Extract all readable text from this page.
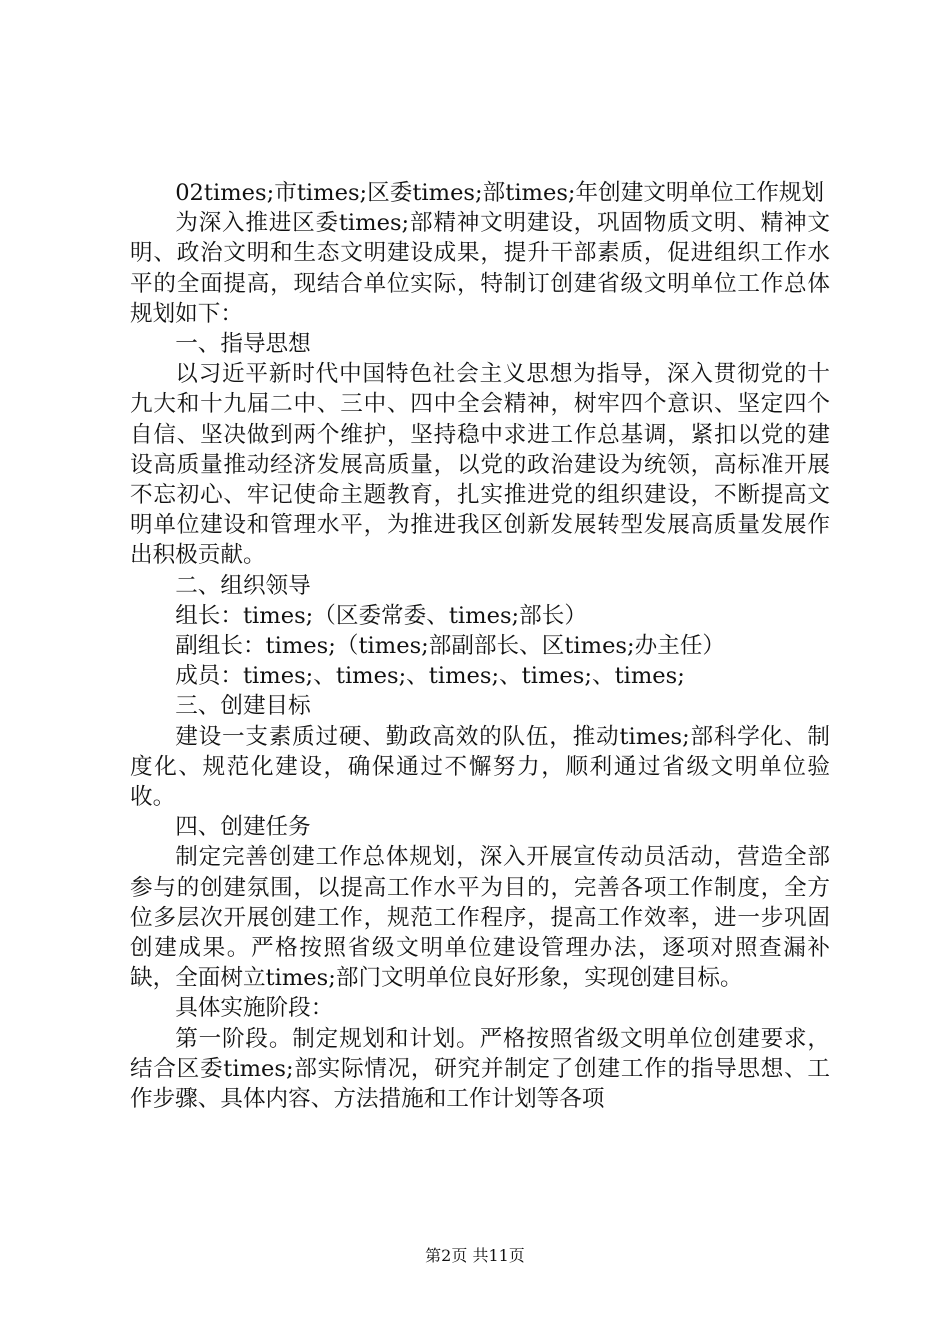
02times;市times;区委times;部times;年创建文明单位工作规划

为深入推进区委times;部精神文明建设，巩固物质文明、精神文明、政治文明和生态文明建设成果，提升干部素质，促进组织工作水平的全面提高，现结合单位实际，特制订创建省级文明单位工作总体规划如下：

一、指导思想

以习近平新时代中国特色社会主义思想为指导，深入贯彻党的十九大和十九届二中、三中、四中全会精神，树牢四个意识、坚定四个自信、坚决做到两个维护，坚持稳中求进工作总基调，紧扣以党的建设高质量推动经济发展高质量，以党的政治建设为统领，高标准开展不忘初心、牢记使命主题教育，扎实推进党的组织建设，不断提高文明单位建设和管理水平，为推进我区创新发展转型发展高质量发展作出积极贡献。

二、组织领导

组长：times;（区委常委、times;部长）

副组长：times;（times;部副部长、区times;办主任）

成员：times;、times;、times;、times;、times;

三、创建目标

建设一支素质过硬、勤政高效的队伍，推动times;部科学化、制度化、规范化建设，确保通过不懈努力，顺利通过省级文明单位验收。

四、创建任务

制定完善创建工作总体规划，深入开展宣传动员活动，营造全部参与的创建氛围，以提高工作水平为目的，完善各项工作制度，全方位多层次开展创建工作，规范工作程序，提高工作效率，进一步巩固创建成果。严格按照省级文明单位建设管理办法，逐项对照查漏补缺，全面树立times;部门文明单位良好形象，实现创建目标。

具体实施阶段：

第一阶段。制定规划和计划。严格按照省级文明单位创建要求，结合区委times;部实际情况，研究并制定了创建工作的指导思想、工作步骤、具体内容、方法措施和工作计划等各项

第2页 共11页
